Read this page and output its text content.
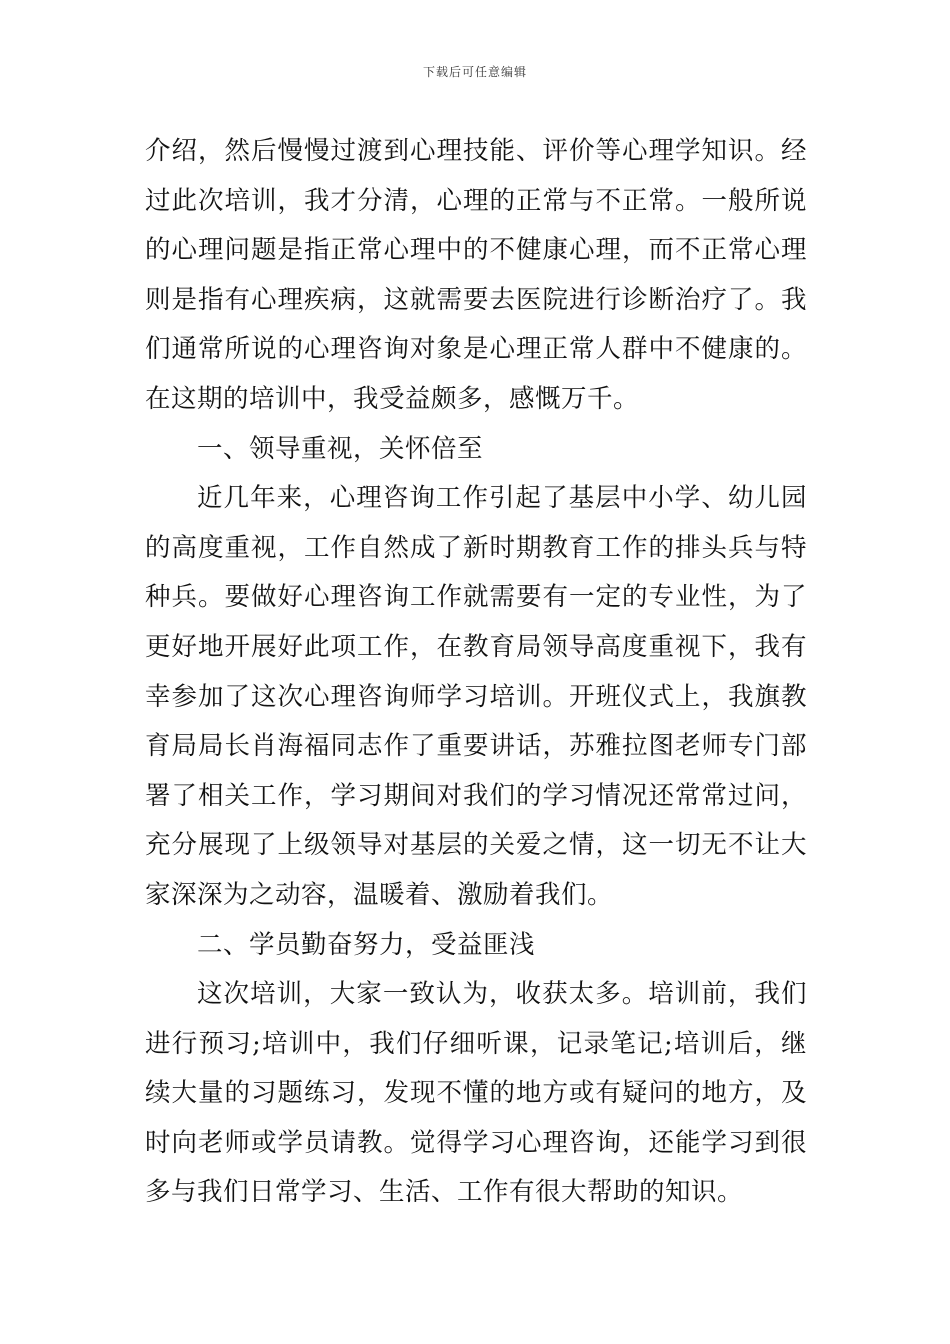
下载后可任意编辑
介绍，然后慢慢过渡到心理技能、评价等心理学知识。经
过此次培训，我才分清，心理的正常与不正常。一般所说
的心理问题是指正常心理中的不健康心理，而不正常心理
则是指有心理疾病，这就需要去医院进行诊断治疗了。我
们通常所说的心理咨询对象是心理正常人群中不健康的。
在这期的培训中，我受益颇多，感慨万千。
一、领导重视，关怀倍至
近几年来，心理咨询工作引起了基层中小学、幼儿园
的高度重视，工作自然成了新时期教育工作的排头兵与特
种兵。要做好心理咨询工作就需要有一定的专业性，为了
更好地开展好此项工作，在教育局领导高度重视下，我有
幸参加了这次心理咨询师学习培训。开班仪式上，我旗教
育局局长肖海福同志作了重要讲话，苏雅拉图老师专门部
署了相关工作，学习期间对我们的学习情况还常常过问，
充分展现了上级领导对基层的关爱之情，这一切无不让大
家深深为之动容，温暖着、激励着我们。
二、学员勤奋努力，受益匪浅
这次培训，大家一致认为，收获太多。培训前，我们
进行预习;培训中，我们仔细听课，记录笔记;培训后，继
续大量的习题练习，发现不懂的地方或有疑问的地方，及
时向老师或学员请教。觉得学习心理咨询，还能学习到很
多与我们日常学习、生活、工作有很大帮助的知识。
